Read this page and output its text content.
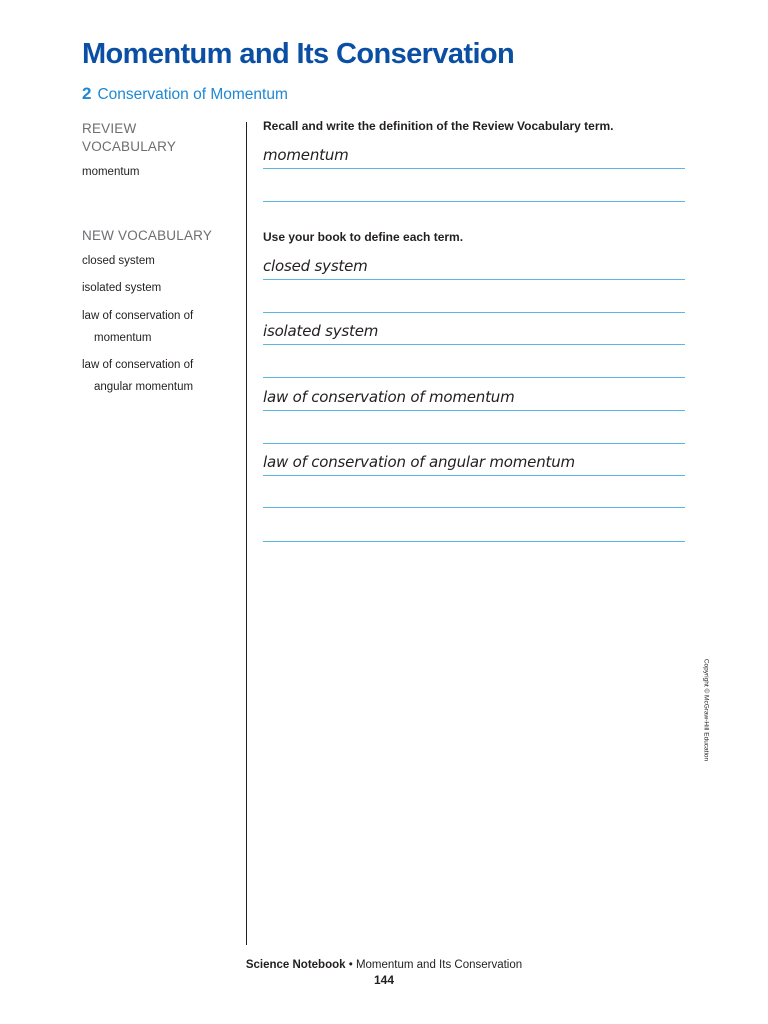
Momentum and Its Conservation
2 Conservation of Momentum
REVIEW
VOCABULARY
momentum
NEW VOCABULARY
closed system
isolated system
law of conservation of
momentum
law of conservation of
angular momentum
Recall and write the definition of the Review Vocabulary term.
momentum
Use your book to define each term.
closed system
isolated system
law of conservation of momentum
law of conservation of angular momentum
Copyright © McGraw-Hill Education
Science Notebook • Momentum and Its Conservation
144
